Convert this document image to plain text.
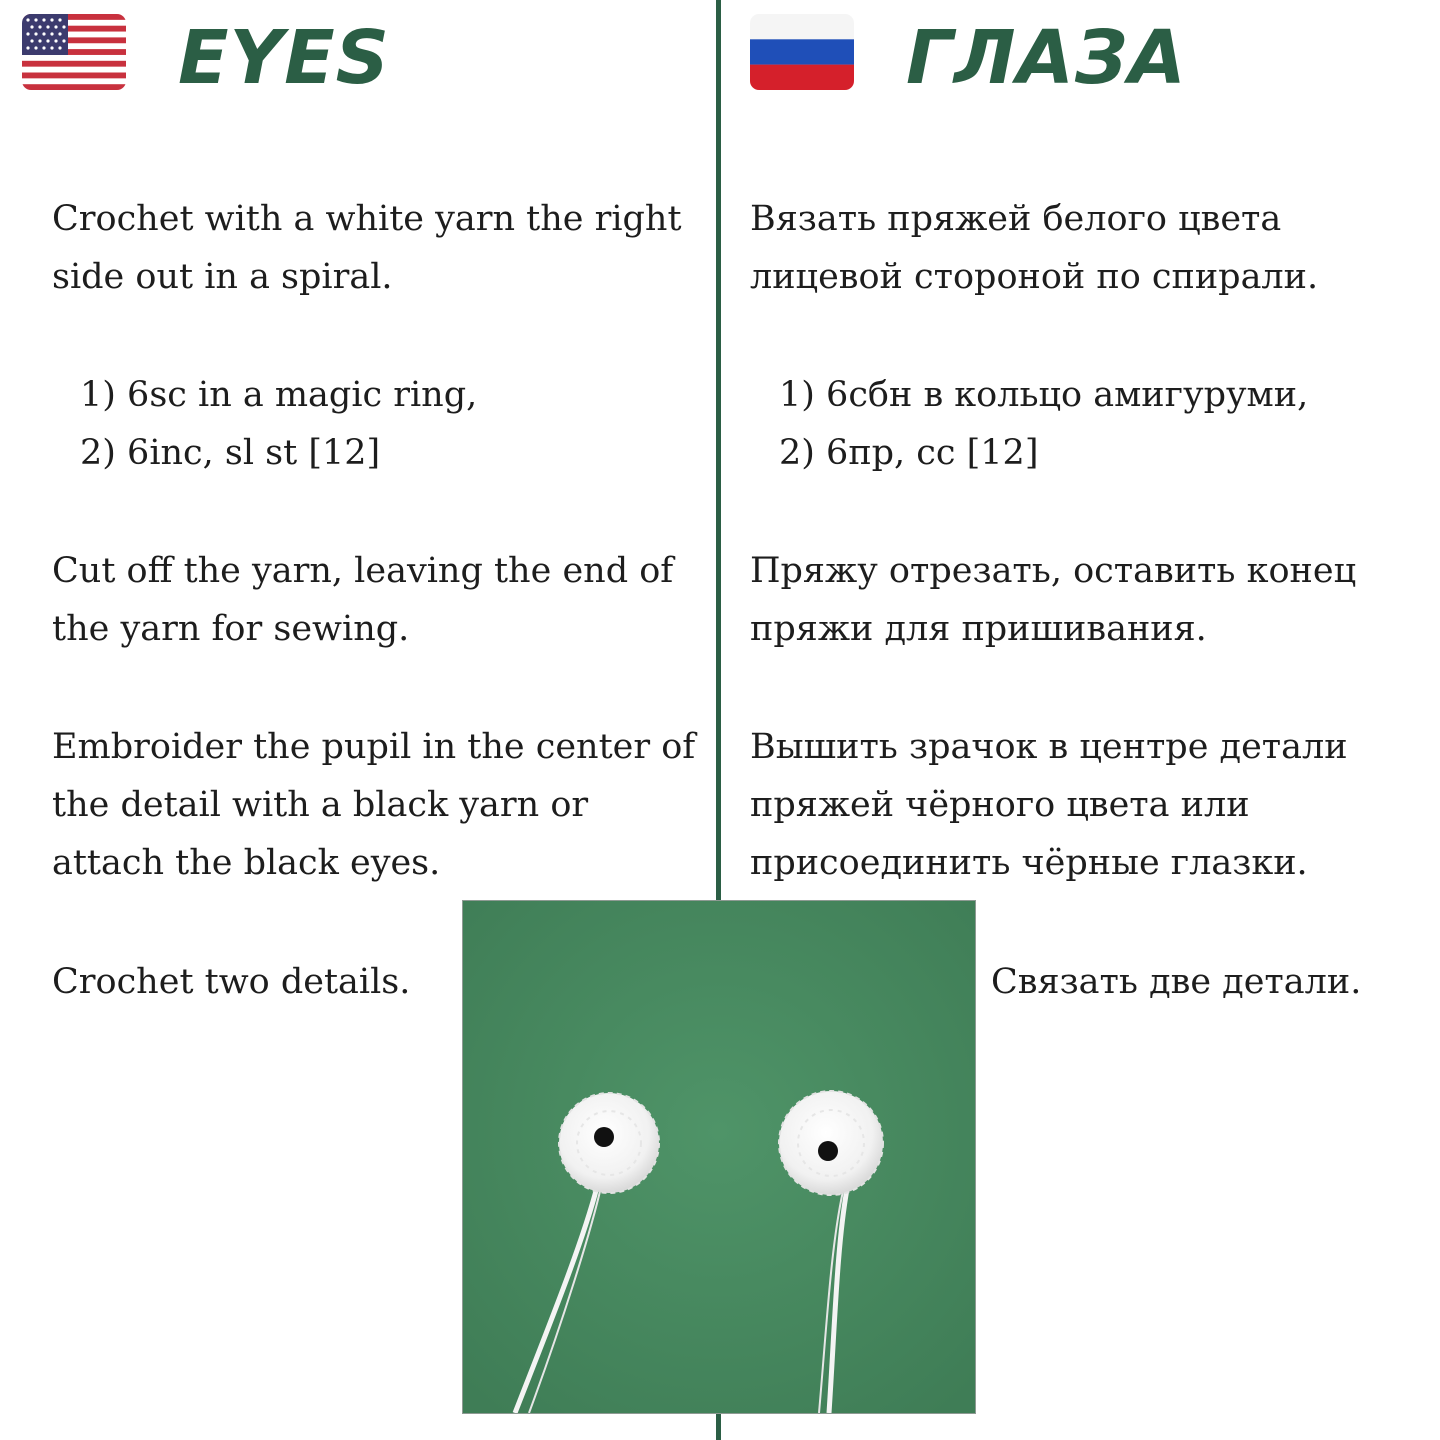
EYES

Crochet with a white yarn the right
side out in a spiral.

1) 6sc in a magic ring,
2) 6inc, sl st [12]

Cut off the yarn, leaving the end of
the yarn for sewing.

Embroider the pupil in the center of
the detail with a black yarn or
attach the black eyes.

Crochet two details.

ГЛАЗА

Вязать пряжей белого цвета
лицевой стороной по спирали.

1) 6сбн в кольцо амигуруми,
2) 6пр, сс [12]

Пряжу отрезать, оставить конец
пряжи для пришивания.

Вышить зрачок в центре детали
пряжей чёрного цвета или
присоединить чёрные глазки.

Связать две детали.
